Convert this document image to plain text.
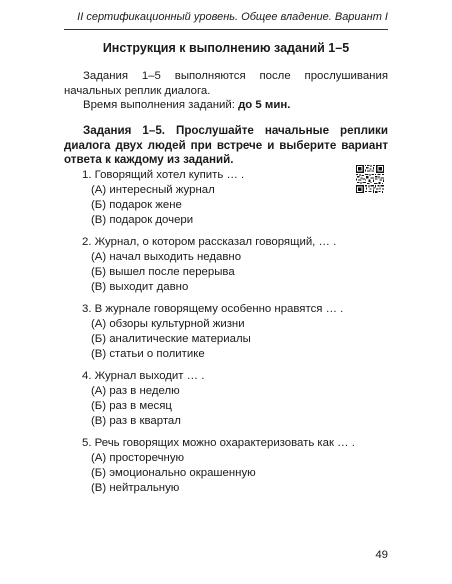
II сертификационный уровень. Общее владение. Вариант I
Инструкция к выполнению заданий 1–5

Задания 1–5 выполняются после прослушивания начальных реплик диалога.

Время выполнения заданий: до 5 мин.

Задания 1–5. Прослушайте начальные реплики диалога двух людей при встрече и выберите вариант ответа к каждому из заданий.
1. Говорящий хотел купить … .
(А) интересный журнал
(Б) подарок жене
(В) подарок дочери
2. Журнал, о котором рассказал говорящий, … .
(А) начал выходить недавно
(Б) вышел после перерыва
(В) выходит давно
3. В журнале говорящему особенно нравятся … .
(А) обзоры культурной жизни
(Б) аналитические материалы
(В) статьи о политике
4. Журнал выходит … .
(А) раз в неделю
(Б) раз в месяц
(В) раз в квартал
5. Речь говорящих можно охарактеризовать как … .
(А) просторечную
(Б) эмоционально окрашенную
(В) нейтральную
49
